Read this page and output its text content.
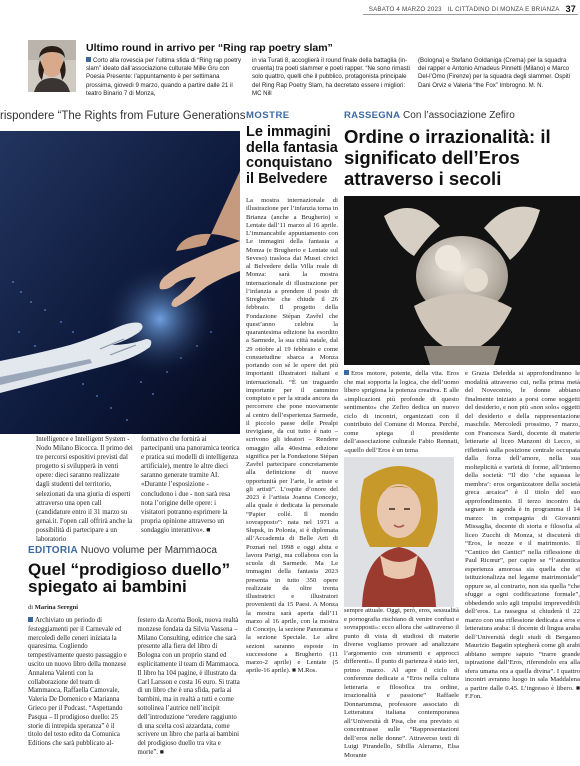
SABATO 4 MARZO 2023 IL CITTADINO DI MONZA E BRIANZA 37
Ultimo round in arrivo per “Ring rap poetry slam”
Corto alla rovescia per l’ultima sfida di “Ring rap poetry slam” ideato dall’associazione culturale Mille Gru con Poesia Presente: l’appuntamento è per settimana prossima, giovedì 9 marzo, quando a partire dalle 21 il teatro Binario 7 di Monza,
in via Turati 8, accoglierà il round finale della battaglia (in-cruenta) tra poeti slammer e poeti rapper. “Ne sono rimasti solo quattro, quelli che il pubblico, protagonista principale del Ring Rap Poetry Slam, ha decretato essere i migliori: MC Nill
(Bologna) e Stefano Goldaniga (Crema) per la squadra dei rapper e Antonio Amadeus Pinnetti (Milano) e Marco Del-l’Omo (Firenze) per la squadra degli slammer. Ospiti Dani Orviz e Valeria “the Fox” Imbrogno. M. N.
rispondere “The Rights from Future Generations
Intelligence e Intelligent System - Nodo Milano Bicocca. Il primo dei tre percorsi espositivi previsti dal progetto si svilupperà in venti opere: dieci saranno realizzate dagli studenti del territorio, selezionati da una giuria di esperti attraverso una open call (candidature entro il 31 marzo su genai.it. I'open call offrirà anche la possibilità di partecipare a un laboratorio
formativo che fornirà ai partecipanti una panoramica teorica e pratica sui modelli di intelligenza artificiale), mentre le altre dieci saranno generate tramite AI. «Durante l’esposizione - concludono i due - non sarà resa nota l’origine delle opere: i visitatori potranno esprimere la propria opinione attraverso un sondaggio interattivo». ■
EDITORIA Nuovo volume per Mammaoca
Quel “prodigioso duello” spiegato ai bambini
di Marina Seregni
Archiviato un periodo di festeggiamenti per il Carnevale ed mercoledì delle ceneri iniziata la quaresima. Cogliendo tempestivamente questo passaggio e uscito un nuovo libro della monzese Annalena Valenti con la collaborazione del team di Mammaoca, Raffaella Camovale, Valeria De Domenico e Marianna Grieco per il Podcast. “Aspettando Pasqua – Il prodigioso duello: 25 storie di intrepida speranza” è il titolo del testo edito da Comunica Editions che sarà pubblicato al-
festero da Acoma Book, nuova realtà monzese fondata da Silvia Vassena – Milano Consulting, editrice che sarà presente alla fiera del libro di Bologna con un proprio stand ed esplicitamente il team di Mammaoca. Il libro ha 104 pagine, è illustrato da Carl Larsson e costa 16 euro. Si tratta di un libro che è una sfida, parla ai bambini, ma in realtà a tutti e come sottolinea l’autrice nell’incipit dell’introduzione “eredere raggiunto di una scelta così azzardata, come scrivere un libro che parla ai bambini del prodigioso duello tra vita e morte”. ■
MOSTRE
Le immagini della fantasia conquistano il Belvedere
La mostra internazionale di illustrazione per l’infanzia torna in Brianza (anche a Brugherio) e Lentate dall’11 marzo al 16 aprile. L’immancabile appuntamento con Le immagini della fantasia a Monza (e Brugherio e Lentate sul Seveso) traslocа dai Musei civici al Belvedere della Villa reale di Monza: sarà la mostra internazionale di illustrazione per l’infanzia a prendere il posto di Streghe/rie che chiude il 26 febbraio. Il progetto della Fondazione Stépan Zavřel che quest’anno celebra la quarantesima edizione ha esordito a Sarmede, la sua città natale, dal 29 ottobre al 19 febbraio e come consuetudine sbarca a Monza portando con sé le opere dei più importanti illustratori italiani e internazionali. “È un traguardo importante per il cammino compiuto e per la strada ancora da percorrere che pone nuovamente al centro dell’esperienza Sarmede, il piccolo paese delle Prealpi trevigiane, da cui tutto è nato – scrivono gli ideatori – Rendere omaggio alla 40esima edizione significa per la Fondazione Stépan Zavřel partecipare concretamente alla definizione di nuove opportunità per l’arte, le artiste e gli artisti”. L’ospite d’onore del 2023 è l’artista Joanna Concejo, alla quale è dedicata la personale “Papier collé. Il mondo sovrapposto”: nata nel 1971 a Słupsk, in Polonia, si è diplomata all’Accademia di Belle Arti di Poznań nel 1998 e oggi abita e lavora Parigi, ma collabora con la scuola di Sarmede. Ma Le immagini della fantasia 2023 presenta in tutto 350 opere realizzate da oltre trenta illustratrici e illustratori provenienti da 15 Paesi. A Monza la mostra sarà aperta dall’11 marzo al 16 aprile, con la mostra di Concejo, la sezione Panorama e la sezione Speciale. Le altre sezioni saranno esposte in successione a Brugherio (11 marzo-2 aprile) e Lentate (5 aprile-16 aprile). ■ M.Ros.
RASSEGNA Con l’associazione Zefiro
Ordine o irrazionalità: il significato dell’Eros attraverso i secoli
Eros motore, potente, della vita. Eros che mai sopporta la logica, che dell’uomo libero sprigiona la potenza creativa. E alle «implicazioni più profonde di questo sentimento» che Zefiro dedica un nuovo ciclo di incontri, organizzati con il contributo del Comune di Monza. Perché, come spiega il presidente dell’associazione culturale Fabio Rennati, «quello dell’Eros è un tema
sempre attuale. Oggi, però, eros, sessualità e pornografia rischiano di venire confusi e sovrapposti»: ecco allora che «attraverso il punto di vista di studiosi di materie diverse vogliamo provare ad analizzare l’argomento con strumenti e approcci differenti». Il punto di partenza è stato ieri, primo marzo. Al apre il ciclo di conferenze dedicate a “Eros nella cultura letteraria e filosofica tra ordine, irrazionalità e passione” Raffaele Donnarumma, professore associato di Letteratura italiana contemporanea all’Università di Pisa, che era previsto si concentrasse sulle “Rappresentazioni dell’eros nelle donne”. Attraverso testi di Luigi Pirandello, Sibilla Aleramo, Elsa Morante
e Grazia Deledda si approfondiranno le modalità attraverso cui, nella prima metà del Novecento, le donne abbiano finalmente iniziato a porsi come soggetti del desiderio, e non più «non solo» oggetti del desiderio e della rappresentazione maschile. Mercoledì prossimo, 7 marzo, con Francesca Sardi, docente di materie letterarie al liceo Manzoni di Lecco, si rifletterà sulla posizione centrale occupata dalla forza dell’amore, nella sua molteplicità e varietà di forme, all’interno della società: “Il dio ‘che squassa le membra’: eros organizzatore della società greca arcaica” è il titolo del suo approfondimento. Il terzo incontro da segnare in agenda è in programma il 14 marzo: in compagnia di Giovanni Missaglia, docente di storia e filosofia al liceo Zucchi di Monza, si discuterà di “Eros, le nozze e il matrimonio. Il “Cantico dei Cantici” nella riflessione di Paul Ricœur”, per capire se “l’autentica esperienza amorosa sia quella che si istituzionalizza nel legame matrimoniale” oppure se, al contrario, non sia quella “che sfugge a ogni codificazione formale”, obbedendo solo agli impulsi imprevedibili dell’eros. La rassegna si chiuderà il 22 marzo con una riflessione dedicata a eros e letteratura araba: il docente di lingua araba dell’Università degli studi di Bergamo Maurizio Bagatin spiegherà come gli arabi abbiano sempre saputo “trarre grande ispirazione dall’Eros, riferendolo era alla sfera umana ora a quella divina”. I quattro incontri avranno luogo in sala Maddalena a partire dalle 0.45. L’ingresso è libero. ■ F.Fon.
